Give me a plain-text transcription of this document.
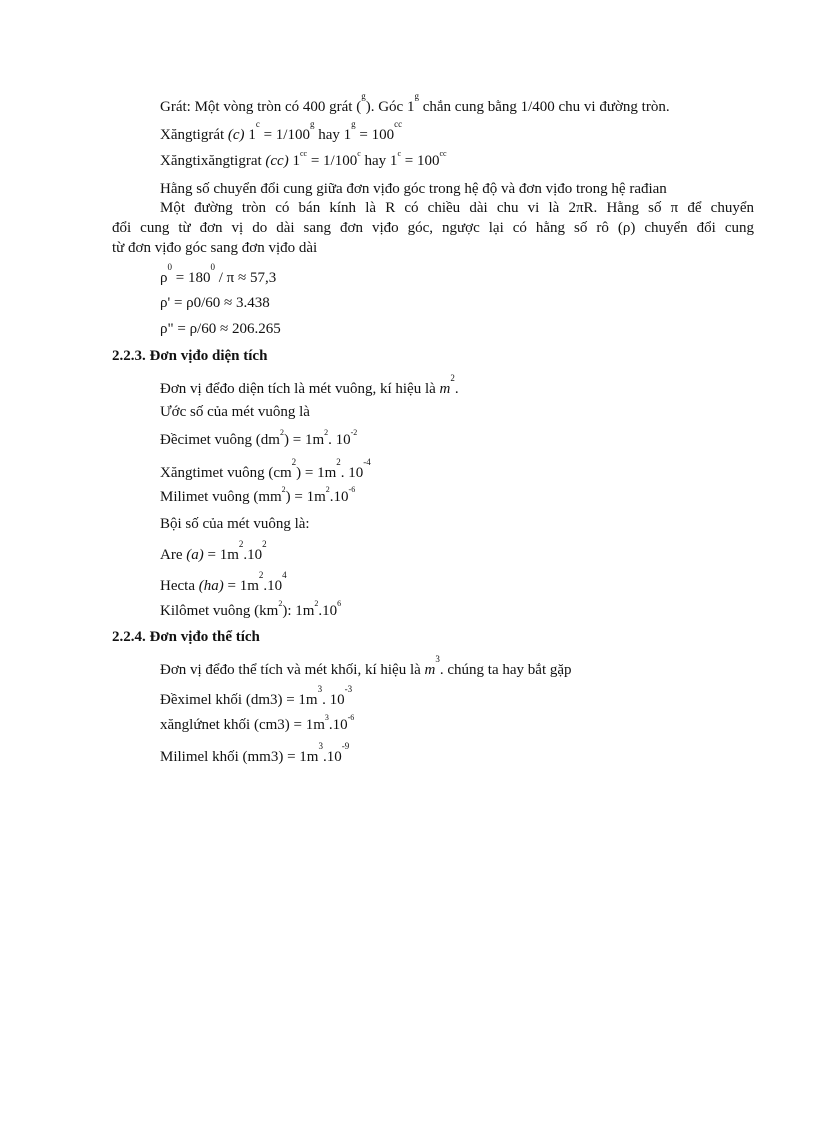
Grát: Một vòng tròn có 400 grát ($^g$). Góc 1$^g$ chắn cung bằng 1/400 chu vi đường tròn.
Xăngtigrát (c) $1^c = 1/100^g$ hay $1^g = 100^{cc}$
Xăngtixăngtigrat (cc) $1^{cc} = 1/100^c$ hay $1^c = 100^{cc}$
Hằng số chuyển đổi cung giữa đơn vịđo góc trong hệ độ và đơn vịđo trong hệ rađian
Một đường tròn có bán kính là R có chiều dài chu vi là 2πR. Hằng số π để chuyển
đổi cung từ đơn vị do dài sang đơn vịđo góc, ngược lại có hằng số rô (ρ) chuyển đổi cung
từ đơn vịđo góc sang đơn vịđo dài
$\rho^0 = 180^0 / \pi \approx 57,3$
ρ' = ρ0/60 ≈ 3.438
ρ" = ρ/60 ≈ 206.265
2.2.3. Đơn vịđo diện tích
Đơn vị đểđo diện tích là mét vuông, kí hiệu là $m^2$.
Ước số của mét vuông là
Đềcimet vuông $(dm^2) = 1m^2$. $10^{-2}$
Xăngtimet vuông $(cm^2) = 1m^2$. $10^{-4}$
Milimet vuông $(mm^2) = 1m^2.10^{-6}$
Bội số của mét vuông là:
Are $(a) = 1m^2.10^2$
Hecta $(ha) = 1m^2.10^4$
Kilômet vuông $(km^2)$: $1m^2.10^6$
2.2.4. Đơn vịđo thể tích
Đơn vị đểđo thể tích và mét khối, kí hiệu là $m^3$. chúng ta hay bắt gặp
Đềximel khối $(dm3) = 1m^3$. $10^{-3}$
xănglứnet khối $(cm3) = 1m^3.10^{-6}$
Milimel khối $(mm3) = 1m^3.10^{-9}$
